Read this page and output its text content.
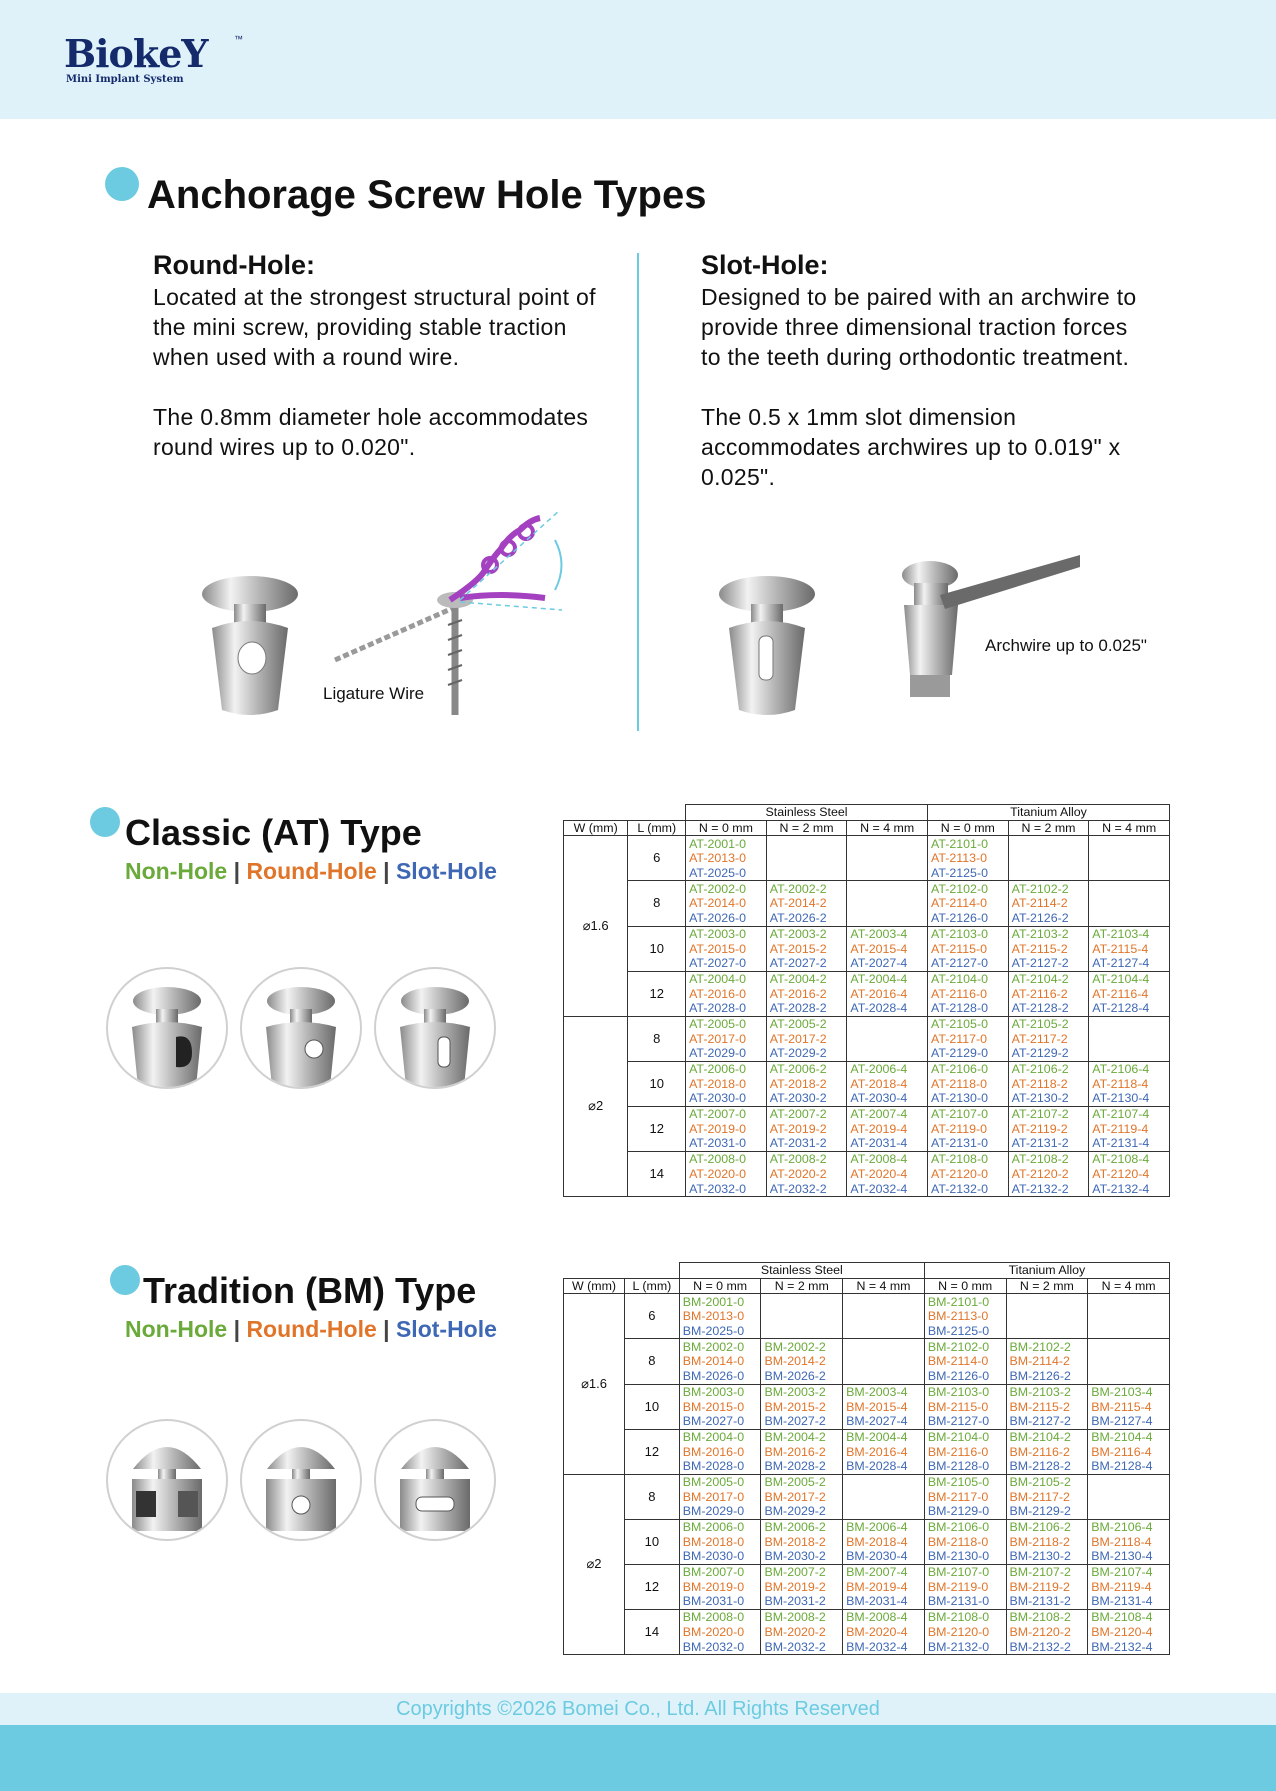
BiokeY	™
Mini Implant System
Anchorage Screw Hole Types
Round-Hole:

Located at the strongest structural point of the mini screw, providing stable traction when used with a round wire.

The 0.8mm diameter hole accommodates round wires up to 0.020".

Slot-Hole:

Designed to be paired with an archwire to provide three dimensional traction forces to the teeth during orthodontic treatment.

The 0.5 x 1mm slot dimension accommodates archwires up to 0.019" x 0.025".

Ligature Wire
Archwire up to 0.025"
Classic (AT) Type
Non-Hole | Round-Hole | Slot-Hole
		Stainless Steel			Titanium Alloy		
W (mm)	L (mm)	N = 0 mm	N = 2 mm	N = 4 mm	N = 0 mm	N = 2 mm	N = 4 mm
⌀1.6	6	AT-2001-0			AT-2101-0		
		AT-2013-0			AT-2113-0		
		AT-2025-0			AT-2125-0		
	8	AT-2002-0	AT-2002-2		AT-2102-0	AT-2102-2	
		AT-2014-0	AT-2014-2		AT-2114-0	AT-2114-2	
		AT-2026-0	AT-2026-2		AT-2126-0	AT-2126-2	
	10	AT-2003-0	AT-2003-2	AT-2003-4	AT-2103-0	AT-2103-2	AT-2103-4
		AT-2015-0	AT-2015-2	AT-2015-4	AT-2115-0	AT-2115-2	AT-2115-4
		AT-2027-0	AT-2027-2	AT-2027-4	AT-2127-0	AT-2127-2	AT-2127-4
	12	AT-2004-0	AT-2004-2	AT-2004-4	AT-2104-0	AT-2104-2	AT-2104-4
		AT-2016-0	AT-2016-2	AT-2016-4	AT-2116-0	AT-2116-2	AT-2116-4
		AT-2028-0	AT-2028-2	AT-2028-4	AT-2128-0	AT-2128-2	AT-2128-4
⌀2	8	AT-2005-0	AT-2005-2		AT-2105-0	AT-2105-2	
		AT-2017-0	AT-2017-2		AT-2117-0	AT-2117-2	
		AT-2029-0	AT-2029-2		AT-2129-0	AT-2129-2	
	10	AT-2006-0	AT-2006-2	AT-2006-4	AT-2106-0	AT-2106-2	AT-2106-4
		AT-2018-0	AT-2018-2	AT-2018-4	AT-2118-0	AT-2118-2	AT-2118-4
		AT-2030-0	AT-2030-2	AT-2030-4	AT-2130-0	AT-2130-2	AT-2130-4
	12	AT-2007-0	AT-2007-2	AT-2007-4	AT-2107-0	AT-2107-2	AT-2107-4
		AT-2019-0	AT-2019-2	AT-2019-4	AT-2119-0	AT-2119-2	AT-2119-4
		AT-2031-0	AT-2031-2	AT-2031-4	AT-2131-0	AT-2131-2	AT-2131-4
	14	AT-2008-0	AT-2008-2	AT-2008-4	AT-2108-0	AT-2108-2	AT-2108-4
		AT-2020-0	AT-2020-2	AT-2020-4	AT-2120-0	AT-2120-2	AT-2120-4
		AT-2032-0	AT-2032-2	AT-2032-4	AT-2132-0	AT-2132-2	AT-2132-4
Tradition (BM) Type
Non-Hole | Round-Hole | Slot-Hole
		Stainless Steel			Titanium Alloy		
W (mm)	L (mm)	N = 0 mm	N = 2 mm	N = 4 mm	N = 0 mm	N = 2 mm	N = 4 mm
⌀1.6	6	BM-2001-0			BM-2101-0		
		BM-2013-0			BM-2113-0		
		BM-2025-0			BM-2125-0		
	8	BM-2002-0	BM-2002-2		BM-2102-0	BM-2102-2	
		BM-2014-0	BM-2014-2		BM-2114-0	BM-2114-2	
		BM-2026-0	BM-2026-2		BM-2126-0	BM-2126-2	
	10	BM-2003-0	BM-2003-2	BM-2003-4	BM-2103-0	BM-2103-2	BM-2103-4
		BM-2015-0	BM-2015-2	BM-2015-4	BM-2115-0	BM-2115-2	BM-2115-4
		BM-2027-0	BM-2027-2	BM-2027-4	BM-2127-0	BM-2127-2	BM-2127-4
	12	BM-2004-0	BM-2004-2	BM-2004-4	BM-2104-0	BM-2104-2	BM-2104-4
		BM-2016-0	BM-2016-2	BM-2016-4	BM-2116-0	BM-2116-2	BM-2116-4
		BM-2028-0	BM-2028-2	BM-2028-4	BM-2128-0	BM-2128-2	BM-2128-4
⌀2	8	BM-2005-0	BM-2005-2		BM-2105-0	BM-2105-2	
		BM-2017-0	BM-2017-2		BM-2117-0	BM-2117-2	
		BM-2029-0	BM-2029-2		BM-2129-0	BM-2129-2	
	10	BM-2006-0	BM-2006-2	BM-2006-4	BM-2106-0	BM-2106-2	BM-2106-4
		BM-2018-0	BM-2018-2	BM-2018-4	BM-2118-0	BM-2118-2	BM-2118-4
		BM-2030-0	BM-2030-2	BM-2030-4	BM-2130-0	BM-2130-2	BM-2130-4
	12	BM-2007-0	BM-2007-2	BM-2007-4	BM-2107-0	BM-2107-2	BM-2107-4
		BM-2019-0	BM-2019-2	BM-2019-4	BM-2119-0	BM-2119-2	BM-2119-4
		BM-2031-0	BM-2031-2	BM-2031-4	BM-2131-0	BM-2131-2	BM-2131-4
	14	BM-2008-0	BM-2008-2	BM-2008-4	BM-2108-0	BM-2108-2	BM-2108-4
		BM-2020-0	BM-2020-2	BM-2020-4	BM-2120-0	BM-2120-2	BM-2120-4
		BM-2032-0	BM-2032-2	BM-2032-4	BM-2132-0	BM-2132-2	BM-2132-4
Copyrights ©2026 Bomei Co., Ltd. All Rights Reserved
